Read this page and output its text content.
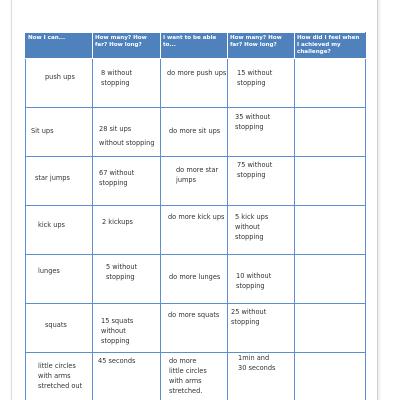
Now I can...	How many? How far? How long?	I want to be able to...	How many? How far? How long?	How did I feel when I achieved my challenge?

push ups	8 without stopping	do more push ups	15 without
stopping	

Sit ups	28 sit ups
without stopping	do more sit ups	35 without
stopping	

star jumps	67 without
stopping	do more star
jumps	75 without
stopping	

kick ups	2 kickups	do more kick ups	5 kick ups without
stopping	

lunges	5 without
stopping	do more lunges	10 without
stopping	

squats	15 squats without
stopping	do more squats	25 without
stopping	

little circles
with arms
stretched out	45 seconds	do more
little circles
with arms
stretched.	1min and
30 seconds	
